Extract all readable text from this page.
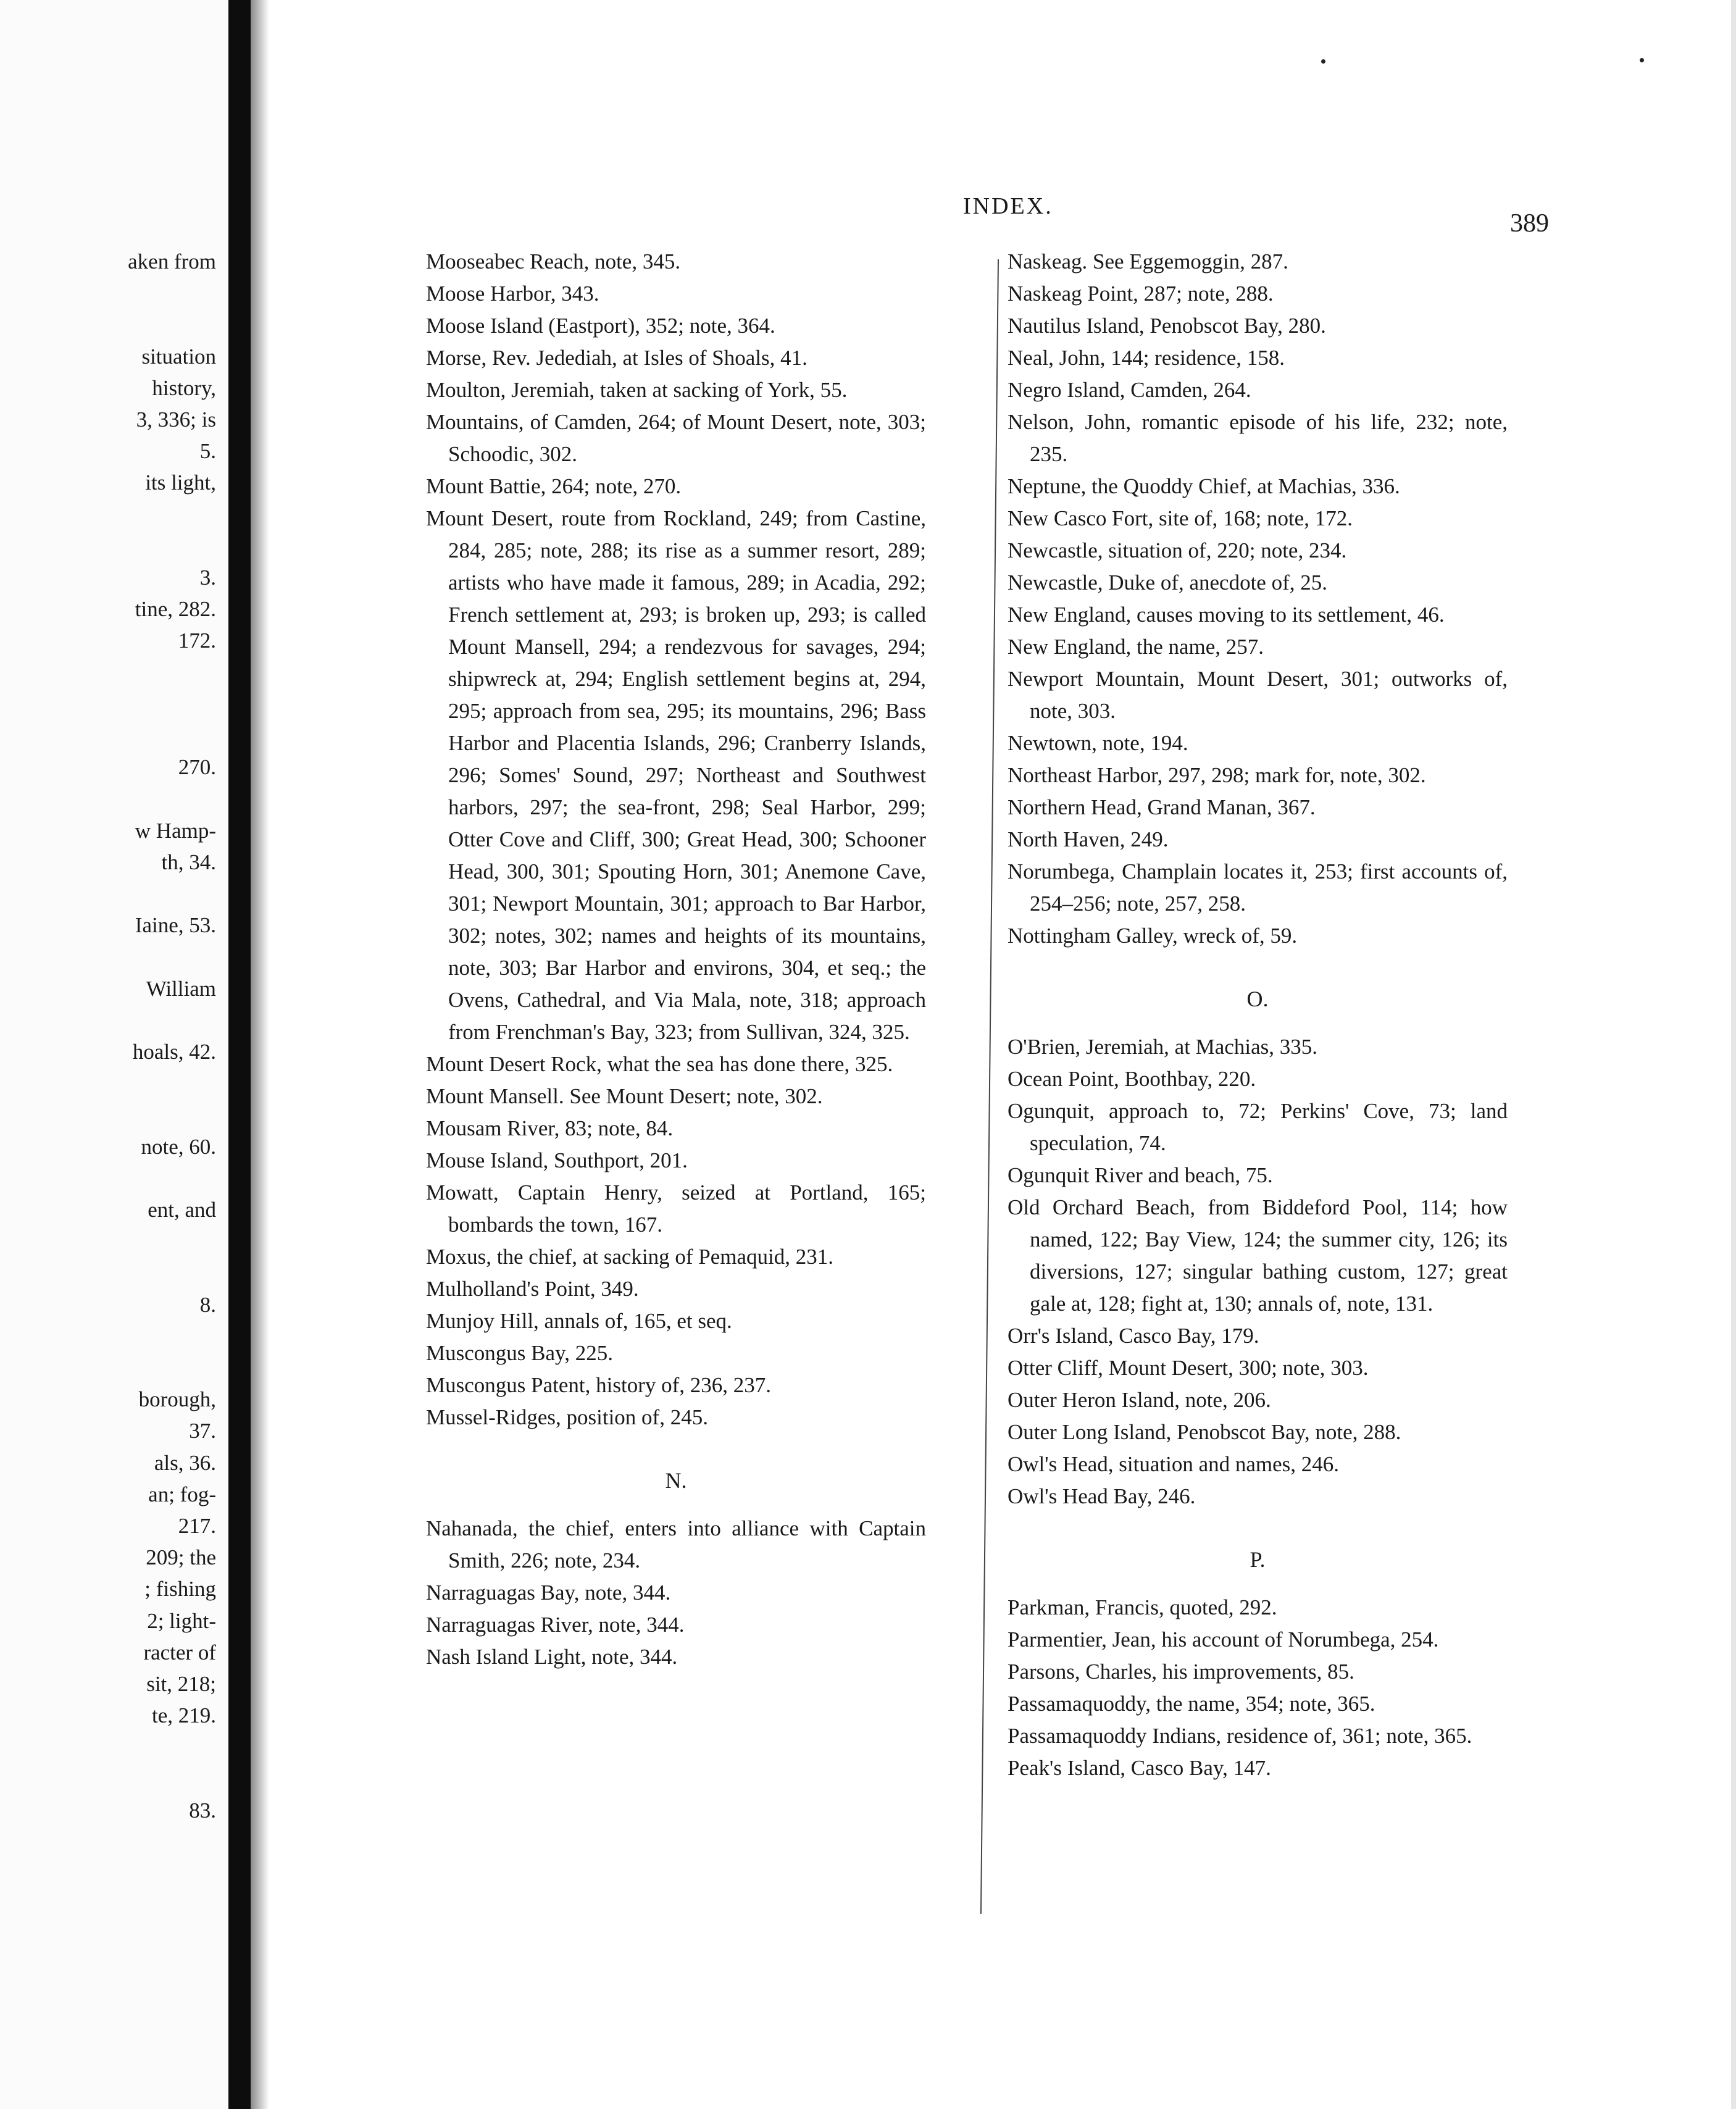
aken from
situation
history,
3, 336; is
5.
its light,
3.
tine, 282.
172.
270.
w Hamp-
th, 34.
Iaine, 53.
William
hoals, 42.
note, 60.
ent, and
8.
borough,
37.
als, 36.
an; fog-
217.
209; the
; fishing
2; light-
racter of
sit, 218;
te, 219.
83.
INDEX.
389
Mooseabec Reach, note, 345.
Moose Harbor, 343.
Moose Island (Eastport), 352; note, 364.
Morse, Rev. Jedediah, at Isles of Shoals, 41.
Moulton, Jeremiah, taken at sacking of York, 55.
Mountains, of Camden, 264; of Mount Desert, note, 303; Schoodic, 302.
Mount Battie, 264; note, 270.
Mount Desert, route from Rockland, 249; from Castine, 284, 285; note, 288; its rise as a summer resort, 289; artists who have made it famous, 289; in Acadia, 292; French settlement at, 293; is broken up, 293; is called Mount Mansell, 294; a rendezvous for savages, 294; shipwreck at, 294; English settlement begins at, 294, 295; approach from sea, 295; its mountains, 296; Bass Harbor and Placentia Islands, 296; Cranberry Islands, 296; Somes' Sound, 297; Northeast and Southwest harbors, 297; the sea-front, 298; Seal Harbor, 299; Otter Cove and Cliff, 300; Great Head, 300; Schooner Head, 300, 301; Spouting Horn, 301; Anemone Cave, 301; Newport Mountain, 301; approach to Bar Harbor, 302; notes, 302; names and heights of its mountains, note, 303; Bar Harbor and environs, 304, et seq.; the Ovens, Cathedral, and Via Mala, note, 318; approach from Frenchman's Bay, 323; from Sullivan, 324, 325.
Mount Desert Rock, what the sea has done there, 325.
Mount Mansell. See Mount Desert; note, 302.
Mousam River, 83; note, 84.
Mouse Island, Southport, 201.
Mowatt, Captain Henry, seized at Portland, 165; bombards the town, 167.
Moxus, the chief, at sacking of Pemaquid, 231.
Mulholland's Point, 349.
Munjoy Hill, annals of, 165, et seq.
Muscongus Bay, 225.
Muscongus Patent, history of, 236, 237.
Mussel-Ridges, position of, 245.
N.
Nahanada, the chief, enters into alliance with Captain Smith, 226; note, 234.
Narraguagas Bay, note, 344.
Narraguagas River, note, 344.
Nash Island Light, note, 344.
Naskeag. See Eggemoggin, 287.
Naskeag Point, 287; note, 288.
Nautilus Island, Penobscot Bay, 280.
Neal, John, 144; residence, 158.
Negro Island, Camden, 264.
Nelson, John, romantic episode of his life, 232; note, 235.
Neptune, the Quoddy Chief, at Machias, 336.
New Casco Fort, site of, 168; note, 172.
Newcastle, situation of, 220; note, 234.
Newcastle, Duke of, anecdote of, 25.
New England, causes moving to its settlement, 46.
New England, the name, 257.
Newport Mountain, Mount Desert, 301; outworks of, note, 303.
Newtown, note, 194.
Northeast Harbor, 297, 298; mark for, note, 302.
Northern Head, Grand Manan, 367.
North Haven, 249.
Norumbega, Champlain locates it, 253; first accounts of, 254–256; note, 257, 258.
Nottingham Galley, wreck of, 59.
O.
O'Brien, Jeremiah, at Machias, 335.
Ocean Point, Boothbay, 220.
Ogunquit, approach to, 72; Perkins' Cove, 73; land speculation, 74.
Ogunquit River and beach, 75.
Old Orchard Beach, from Biddeford Pool, 114; how named, 122; Bay View, 124; the summer city, 126; its diversions, 127; singular bathing custom, 127; great gale at, 128; fight at, 130; annals of, note, 131.
Orr's Island, Casco Bay, 179.
Otter Cliff, Mount Desert, 300; note, 303.
Outer Heron Island, note, 206.
Outer Long Island, Penobscot Bay, note, 288.
Owl's Head, situation and names, 246.
Owl's Head Bay, 246.
P.
Parkman, Francis, quoted, 292.
Parmentier, Jean, his account of Norumbega, 254.
Parsons, Charles, his improvements, 85.
Passamaquoddy, the name, 354; note, 365.
Passamaquoddy Indians, residence of, 361; note, 365.
Peak's Island, Casco Bay, 147.
